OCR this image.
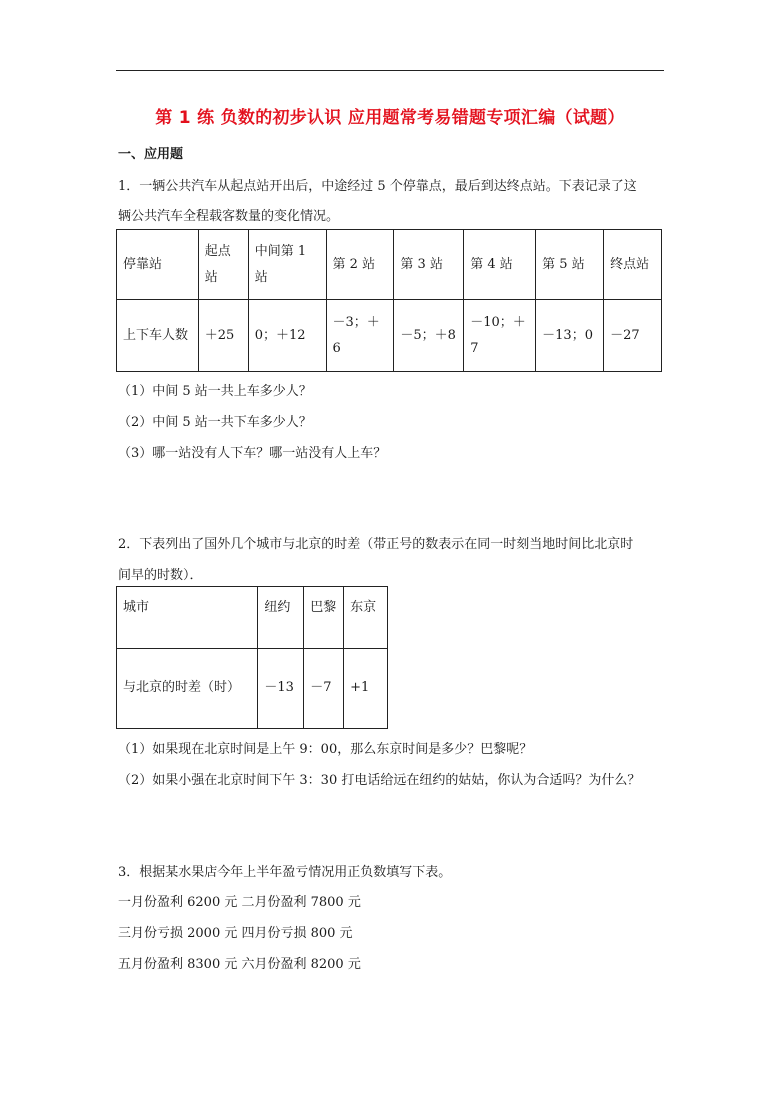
第 1 练 负数的初步认识 应用题常考易错题专项汇编（试题）
一、应用题
1．一辆公共汽车从起点站开出后，中途经过 5 个停靠点，最后到达终点站。下表记录了这
辆公共汽车全程载客数量的变化情况。
停靠站	起点站	中间第 1 站	第 2 站	第 3 站	第 4 站	第 5 站	终点站
上下车人数	＋25	0；＋12	－3；＋6	－5；＋8	－10；＋7	－13；0	－27
（1）中间 5 站一共上车多少人？
（2）中间 5 站一共下车多少人？
（3）哪一站没有人下车？哪一站没有人上车？
2．下表列出了国外几个城市与北京的时差（带正号的数表示在同一时刻当地时间比北京时
间早的时数）．
城市	纽约	巴黎	东京
与北京的时差（时）	－13	－7	+1
（1）如果现在北京时间是上午 9：00，那么东京时间是多少？巴黎呢？
（2）如果小强在北京时间下午 3：30 打电话给远在纽约的姑姑，你认为合适吗？为什么？
3．根据某水果店今年上半年盈亏情况用正负数填写下表。
一月份盈利 6200 元 二月份盈利 7800 元
三月份亏损 2000 元 四月份亏损 800 元
五月份盈利 8300 元 六月份盈利 8200 元
